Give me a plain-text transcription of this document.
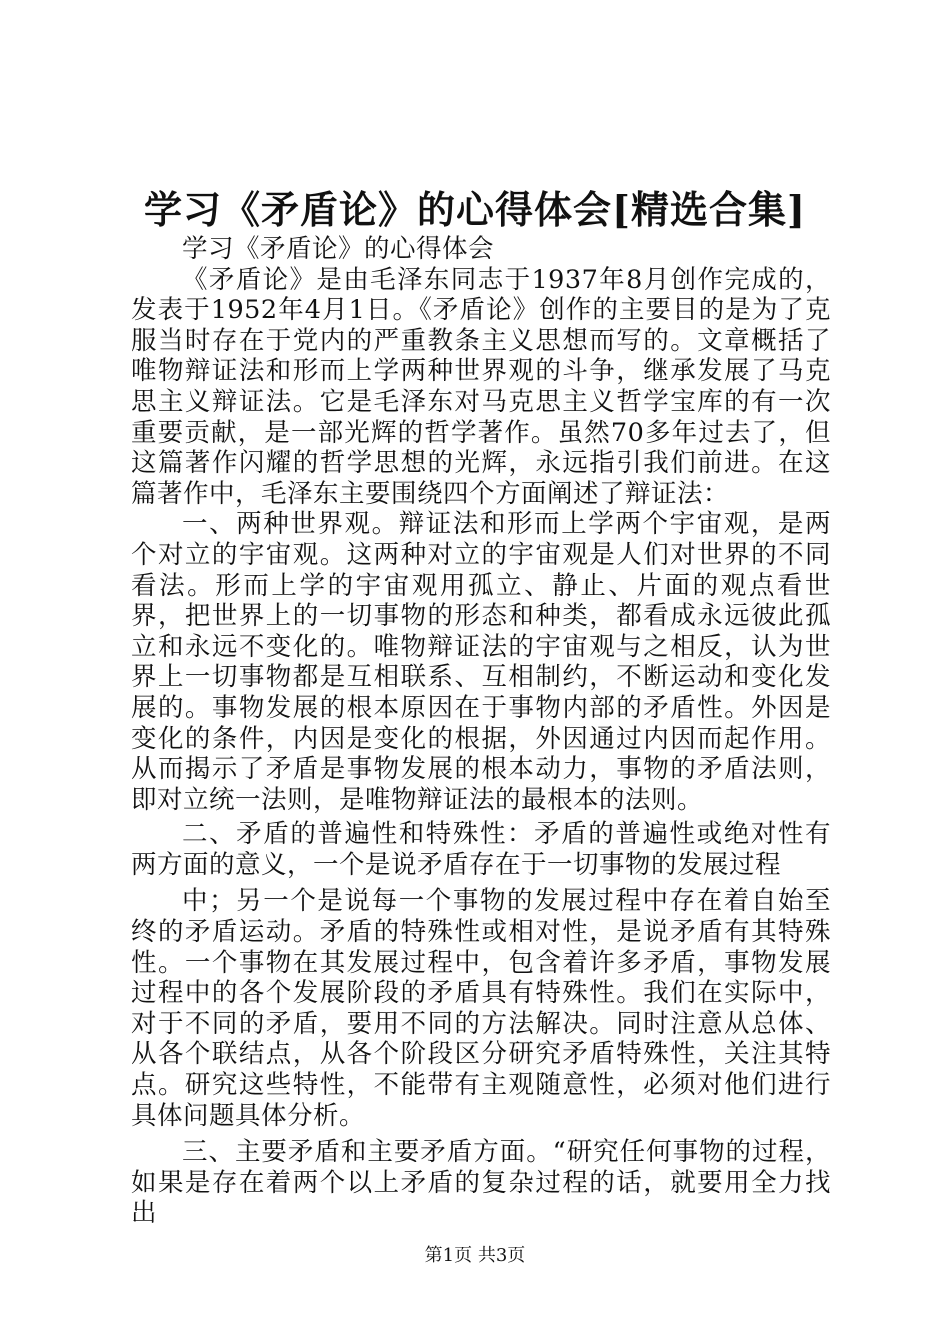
学习《矛盾论》的心得体会[精选合集]

学习《矛盾论》的心得体会

《矛盾论》是由毛泽东同志于1937年8月创作完成的，发表于1952年4月1日。《矛盾论》创作的主要目的是为了克服当时存在于党内的严重教条主义思想而写的。文章概括了唯物辩证法和形而上学两种世界观的斗争，继承发展了马克思主义辩证法。它是毛泽东对马克思主义哲学宝库的有一次重要贡献，是一部光辉的哲学著作。虽然70多年过去了，但这篇著作闪耀的哲学思想的光辉，永远指引我们前进。在这篇著作中，毛泽东主要围绕四个方面阐述了辩证法：

一、两种世界观。辩证法和形而上学两个宇宙观，是两个对立的宇宙观。这两种对立的宇宙观是人们对世界的不同看法。形而上学的宇宙观用孤立、静止、片面的观点看世界，把世界上的一切事物的形态和种类，都看成永远彼此孤立和永远不变化的。唯物辩证法的宇宙观与之相反，认为世界上一切事物都是互相联系、互相制约，不断运动和变化发展的。事物发展的根本原因在于事物内部的矛盾性。外因是变化的条件，内因是变化的根据，外因通过内因而起作用。从而揭示了矛盾是事物发展的根本动力，事物的矛盾法则，即对立统一法则，是唯物辩证法的最根本的法则。

二、矛盾的普遍性和特殊性：矛盾的普遍性或绝对性有两方面的意义，一个是说矛盾存在于一切事物的发展过程

中；另一个是说每一个事物的发展过程中存在着自始至终的矛盾运动。矛盾的特殊性或相对性，是说矛盾有其特殊性。一个事物在其发展过程中，包含着许多矛盾，事物发展过程中的各个发展阶段的矛盾具有特殊性。我们在实际中，对于不同的矛盾，要用不同的方法解决。同时注意从总体、从各个联结点，从各个阶段区分研究矛盾特殊性，关注其特点。研究这些特性，不能带有主观随意性，必须对他们进行具体问题具体分析。

三、主要矛盾和主要矛盾方面。“研究任何事物的过程，如果是存在着两个以上矛盾的复杂过程的话，就要用全力找出

第1页 共3页
